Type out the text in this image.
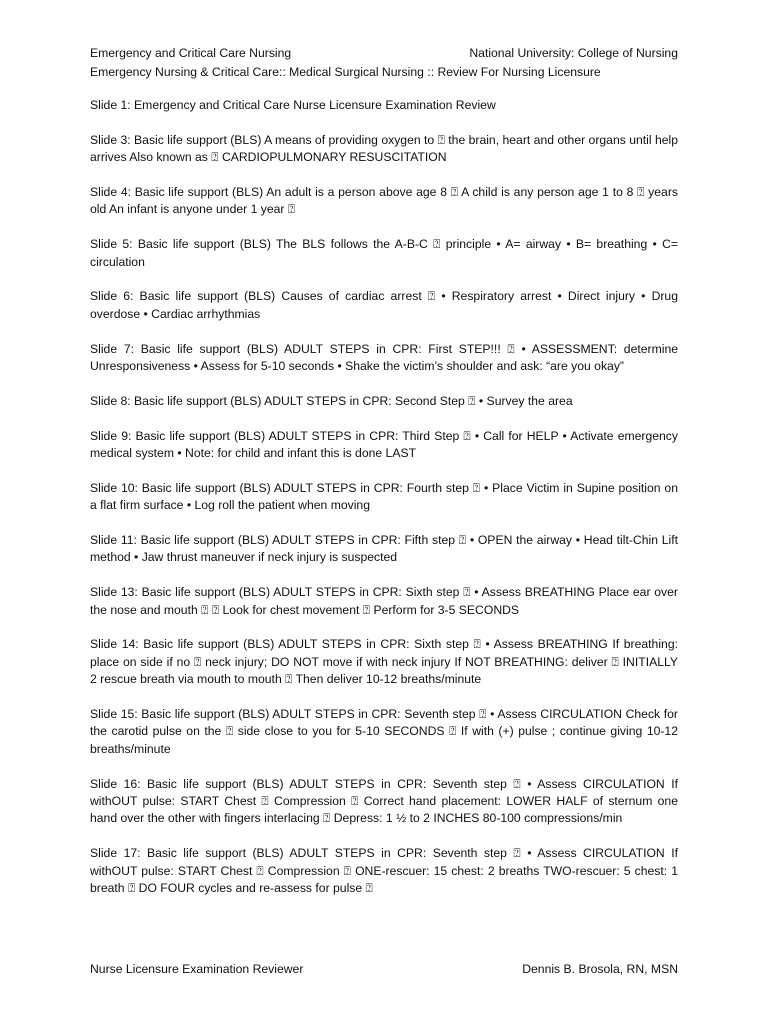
Emergency and Critical Care Nursing	National University: College of Nursing
Emergency Nursing & Critical Care:: Medical Surgical Nursing :: Review For Nursing Licensure

Slide 1: Emergency and Critical Care Nurse Licensure Examination Review

Slide 3: Basic life support (BLS) A means of providing oxygen to ⍰ the brain, heart and other organs until help arrives Also known as ⍰ CARDIOPULMONARY RESUSCITATION

Slide 4: Basic life support (BLS) An adult is a person above age 8 ⍰ A child is any person age 1 to 8 ⍰ years old An infant is anyone under 1 year ⍰

Slide 5: Basic life support (BLS) The BLS follows the A-B-C ⍰ principle • A= airway • B= breathing • C= circulation

Slide 6: Basic life support (BLS) Causes of cardiac arrest ⍰ • Respiratory arrest • Direct injury • Drug overdose • Cardiac arrhythmias

Slide 7: Basic life support (BLS) ADULT STEPS in CPR: First STEP!!! ⍰ • ASSESSMENT: determine Unresponsiveness • Assess for 5-10 seconds • Shake the victim’s shoulder and ask: “are you okay”

Slide 8: Basic life support (BLS) ADULT STEPS in CPR: Second Step ⍰ • Survey the area

Slide 9: Basic life support (BLS) ADULT STEPS in CPR: Third Step ⍰ • Call for HELP • Activate emergency medical system • Note: for child and infant this is done LAST

Slide 10: Basic life support (BLS) ADULT STEPS in CPR: Fourth step ⍰ • Place Victim in Supine position on a flat firm surface • Log roll the patient when moving

Slide 11: Basic life support (BLS) ADULT STEPS in CPR: Fifth step ⍰ • OPEN the airway • Head tilt-Chin Lift method • Jaw thrust maneuver if neck injury is suspected

Slide 13: Basic life support (BLS) ADULT STEPS in CPR: Sixth step ⍰ • Assess BREATHING Place ear over the nose and mouth ⍰ ⍰ Look for chest movement ⍰ Perform for 3-5 SECONDS

Slide 14: Basic life support (BLS) ADULT STEPS in CPR: Sixth step ⍰ • Assess BREATHING If breathing: place on side if no ⍰ neck injury; DO NOT move if with neck injury If NOT BREATHING: deliver ⍰ INITIALLY 2 rescue breath via mouth to mouth ⍰ Then deliver 10-12 breaths/minute

Slide 15: Basic life support (BLS) ADULT STEPS in CPR: Seventh step ⍰ • Assess CIRCULATION Check for the carotid pulse on the ⍰ side close to you for 5-10 SECONDS ⍰ If with (+) pulse ; continue giving 10-12 breaths/minute

Slide 16: Basic life support (BLS) ADULT STEPS in CPR: Seventh step ⍰ • Assess CIRCULATION If withOUT pulse: START Chest ⍰ Compression ⍰ Correct hand placement: LOWER HALF of sternum one hand over the other with fingers interlacing ⍰ Depress: 1 ½ to 2 INCHES 80-100 compressions/min

Slide 17: Basic life support (BLS) ADULT STEPS in CPR: Seventh step ⍰ • Assess CIRCULATION If withOUT pulse: START Chest ⍰ Compression ⍰ ONE-rescuer: 15 chest: 2 breaths TWO-rescuer: 5 chest: 1 breath ⍰ DO FOUR cycles and re-assess for pulse ⍰

Nurse Licensure Examination Reviewer	Dennis B. Brosola, RN, MSN
